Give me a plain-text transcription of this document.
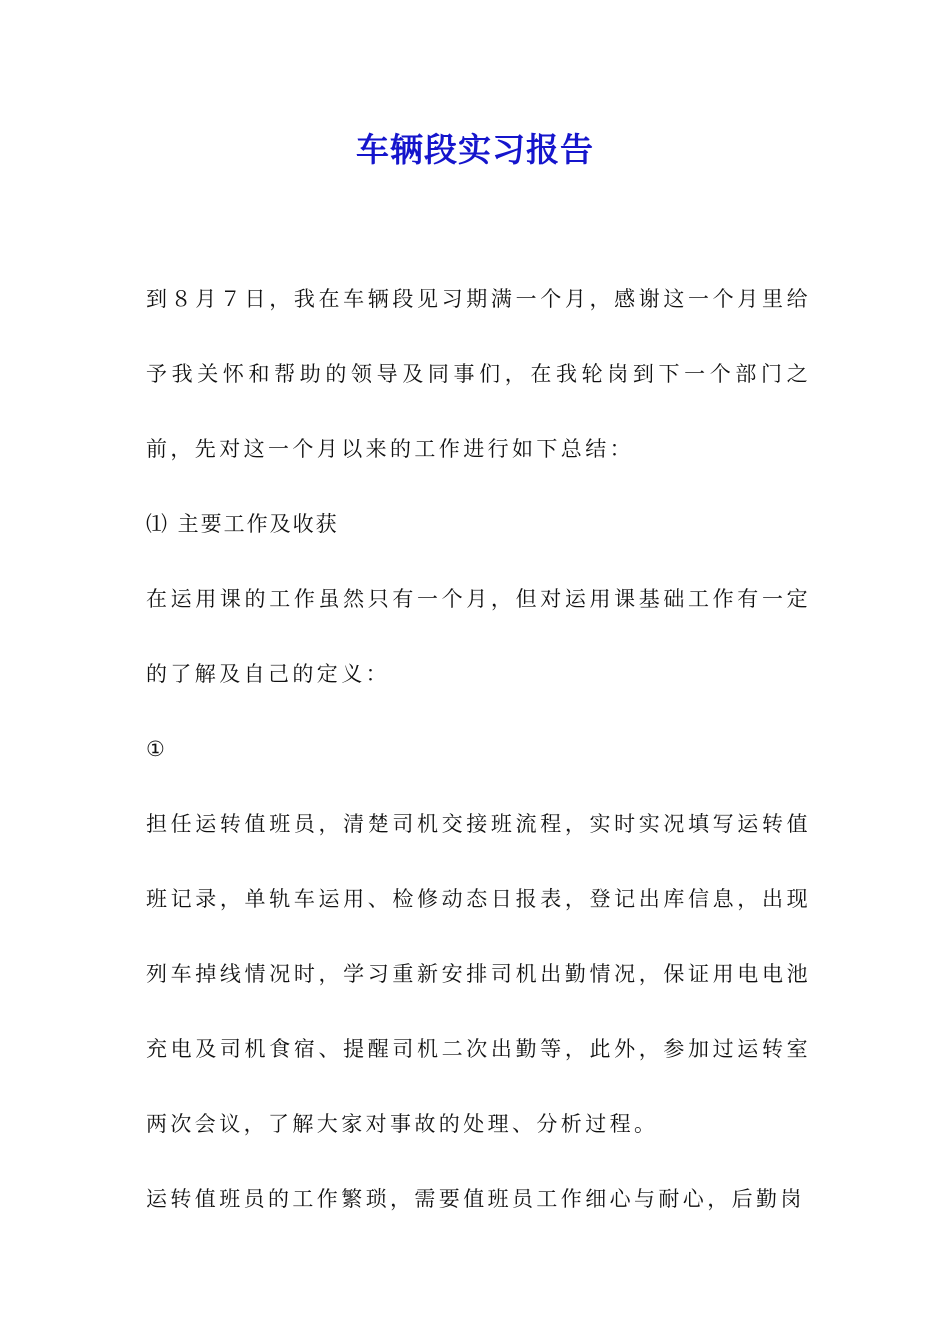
车辆段实习报告

到８月７日，我在车辆段见习期满一个月，感谢这一个月里给予我关怀和帮助的领导及同事们，在我轮岗到下一个部门之前，先对这一个月以来的工作进行如下总结：

⑴ 主要工作及收获

在运用课的工作虽然只有一个月，但对运用课基础工作有一定的了解及自己的定义：

①

担任运转值班员，清楚司机交接班流程，实时实况填写运转值班记录，单轨车运用、检修动态日报表，登记出库信息，出现列车掉线情况时，学习重新安排司机出勤情况，保证用电电池充电及司机食宿、提醒司机二次出勤等，此外，参加过运转室两次会议，了解大家对事故的处理、分析过程。

运转值班员的工作繁琐，需要值班员工作细心与耐心，后勤岗
